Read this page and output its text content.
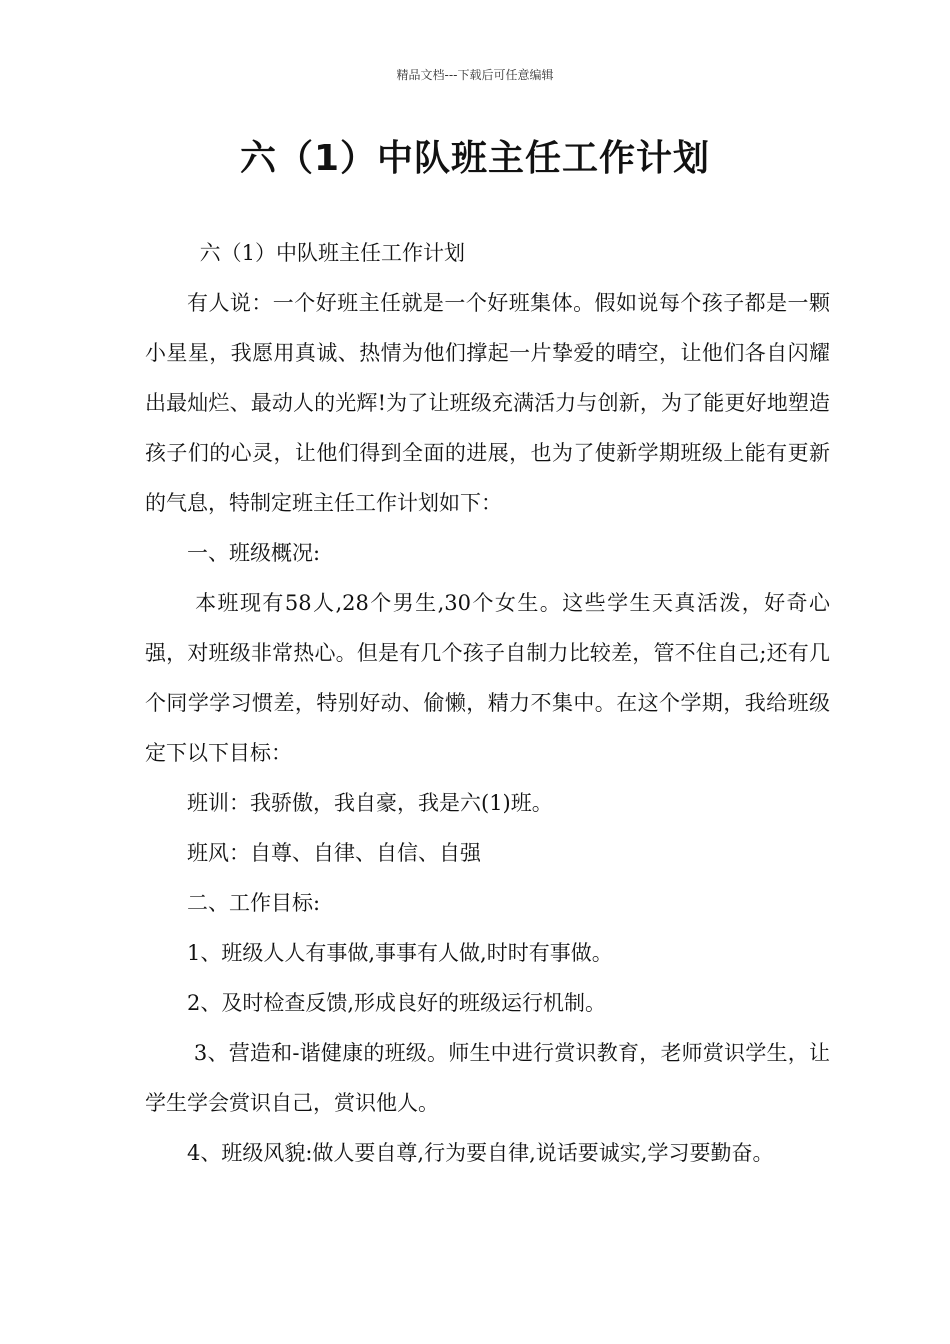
精品文档---下载后可任意编辑
六（1）中队班主任工作计划

六（1）中队班主任工作计划

有人说：一个好班主任就是一个好班集体。假如说每个孩子都是一颗小星星，我愿用真诚、热情为他们撑起一片挚爱的晴空，让他们各自闪耀出最灿烂、最动人的光辉!为了让班级充满活力与创新，为了能更好地塑造孩子们的心灵，让他们得到全面的进展，也为了使新学期班级上能有更新的气息，特制定班主任工作计划如下：

一、班级概况:

本班现有58人,28个男生,30个女生。这些学生天真活泼，好奇心强，对班级非常热心。但是有几个孩子自制力比较差，管不住自己;还有几个同学学习惯差，特别好动、偷懒，精力不集中。在这个学期，我给班级定下以下目标：

班训：我骄傲，我自豪，我是六(1)班。

班风：自尊、自律、自信、自强

二、工作目标:

1、班级人人有事做,事事有人做,时时有事做。

2、及时检查反馈,形成良好的班级运行机制。

3、营造和-谐健康的班级。师生中进行赏识教育，老师赏识学生，让学生学会赏识自己，赏识他人。

4、班级风貌:做人要自尊,行为要自律,说话要诚实,学习要勤奋。
